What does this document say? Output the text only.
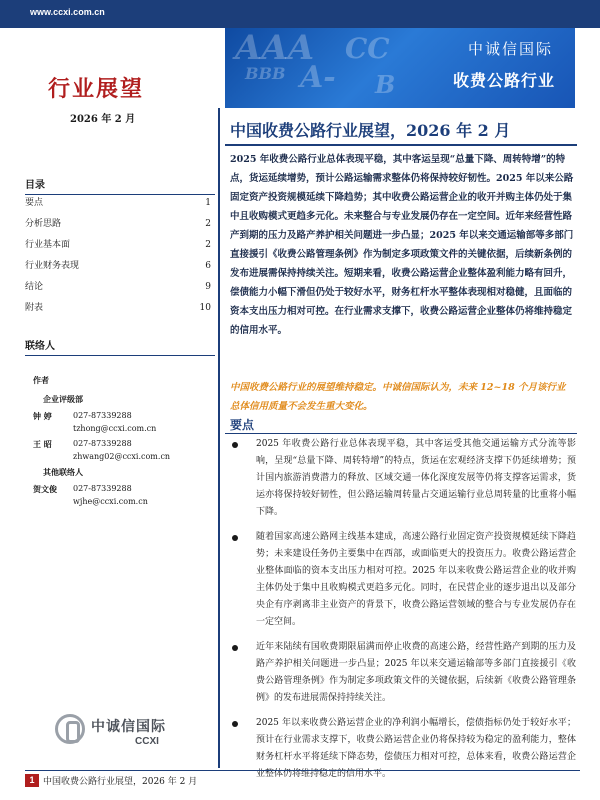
www.ccxi.com.cn
AAA
BBB
CC
A- B
中诚信国际
收费公路行业
行业展望
2026 年 2 月
目录
要点	1
分析思路	2
行业基本面	2
行业财务表现	6
结论	9
附表	10
联络人
作者
企业评级部
钟 婷	027-87339288
tzhong@ccxi.com.cn
王 昭	027-87339288
zhwang02@ccxi.com.cn
其他联络人
贺文俊	027-87339288
wjhe@ccxi.com.cn
中诚信国际
CCXI
中国收费公路行业展望，2026 年 2 月

2025 年收费公路行业总体表现平稳，其中客运呈现“总量下降、周转特增”的特点，货运延续增势，预计公路运输需求整体仍将保持较好韧性。2025 年以来公路固定资产投资规模延续下降趋势；其中收费公路运营企业的收开并购主体仍处于集中且收购模式更趋多元化。未来整合与专业发展仍存在一定空间。近年来经营性路产到期的压力及路产养护相关问题进一步凸显；2025 年以来交通运输部等多部门直接援引《收费公路管理条例》作为制定多项政策文件的关键依据，后续新条例的发布进展需保持持续关注。短期来看，收费公路运营企业整体盈利能力略有回升，偿债能力小幅下滑但仍处于较好水平，财务杠杆水平整体表现相对稳健，且面临的资本支出压力相对可控。在行业需求支撑下，收费公路运营企业整体仍将维持稳定的信用水平。

中国收费公路行业的展望维持稳定。中诚信国际认为，未来 12~18 个月该行业总体信用质量不会发生重大变化。

要点
2025 年收费公路行业总体表现平稳，其中客运受其他交通运输方式分流等影响，呈现“总量下降、周转特增”的特点，货运在宏观经济支撑下仍延续增势；预计国内旅游消费潜力的释放、区域交通一体化深度发展等仍将支撑客运需求，货运亦将保持较好韧性，但公路运输周转量占交通运输行业总周转量的比重将小幅下降。
随着国家高速公路网主线基本建成，高速公路行业固定资产投资规模延续下降趋势；未来建设任务仍主要集中在西部，或面临更大的投资压力。收费公路运营企业整体面临的资本支出压力相对可控。2025 年以来收费公路运营企业的收并购主体仍处于集中且收购模式更趋多元化。同时，在民营企业的逐步退出以及部分央企有序剥离非主业资产的背景下，收费公路运营领域的整合与专业发展仍存在一定空间。
近年来陆续有国收费期限届满而停止收费的高速公路，经营性路产到期的压力及路产养护相关问题进一步凸显；2025 年以来交通运输部等多部门直接援引《收费公路管理条例》作为制定多项政策文件的关键依据，后续新《收费公路管理条例》的发布进展需保持持续关注。
2025 年以来收费公路运营企业的净利润小幅增长，偿债指标仍处于较好水平；预计在行业需求支撑下，收费公路运营企业仍将保持较为稳定的盈利能力，整体财务杠杆水平将延续下降态势，偿债压力相对可控，总体来看，收费公路运营企业整体仍将维持稳定的信用水平。
1 中国收费公路行业展望，2026 年 2 月
